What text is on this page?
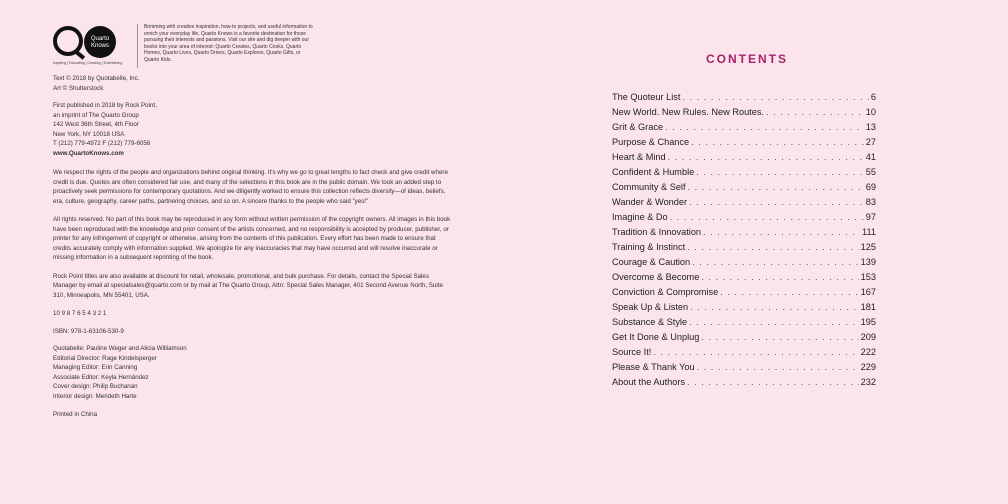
Quarto
Knows
Inspiring | Educating | Creating | Entertaining
Brimming with creative inspiration, how-to projects, and useful information to enrich your everyday life, Quarto Knows is a favorite destination for those pursuing their interests and passions. Visit our site and dig deeper with our books into your area of interest: Quarto Creates, Quarto Cooks, Quarto Homes, Quarto Lives, Quarto Drives, Quarto Explores, Quarto Gifts, or Quarto Kids.
Text © 2018 by Quotabelle, Inc.
Art © Shutterstock
First published in 2018 by Rock Point,
an imprint of The Quarto Group
142 West 36th Street, 4th Floor
New York, NY 10018 USA
T (212) 779-4972 F (212) 779-6058
www.QuartoKnows.com
We respect the rights of the people and organizations behind original thinking. It's why we go to great lengths to fact check and give credit where credit is due. Quotes are often considered fair use, and many of the selections in this book are in the public domain. We took an added step to proactively seek permissions for contemporary quotations. And we diligently worked to ensure this collection reflects diversity—of ideas, beliefs, era, culture, geography, career paths, partnering choices, and so on. A sincere thanks to the people who said "yes!"
All rights reserved. No part of this book may be reproduced in any form without written permission of the copyright owners. All images in this book have been reproduced with the knowledge and prior consent of the artists concerned, and no responsibility is accepted by producer, publisher, or printer for any infringement of copyright or otherwise, arising from the contents of this publication. Every effort has been made to ensure that credits accurately comply with information supplied. We apologize for any inaccuracies that may have occurred and will resolve inaccurate or missing information in a subsequent reprinting of the book.
Rock Point titles are also available at discount for retail, wholesale, promotional, and bulk purchase. For details, contact the Special Sales Manager by email at specialsales@quarto.com or by mail at The Quarto Group, Attn: Special Sales Manager, 401 Second Avenue North, Suite 310, Minneapolis, MN 55401, USA.
10 9 8 7 6 5 4 3 2 1
ISBN: 978-1-63106-530-9
Quotabelle: Pauline Weger and Alicia Williamson
Editorial Director: Rage Kindelsperger
Managing Editor: Erin Canning
Associate Editor: Keyla Hernández
Cover design: Philip Buchanan
Interior design: Merideth Harte
Printed in China
CONTENTS
The Quoteur List . . .	6
New World. New Rules. New Routes. . . .	10
Grit & Grace . . .	13
Purpose & Chance . . .	27
Heart & Mind . . .	41
Confident & Humble . . .	55
Community & Self . . .	69
Wander & Wonder . . .	83
Imagine & Do . . .	97
Tradition & Innovation . . .	111
Training & Instinct . . .	125
Courage & Caution . . .	139
Overcome & Become . . .	153
Conviction & Compromise . . .	167
Speak Up & Listen . . .	181
Substance & Style . . .	195
Get It Done & Unplug . . .	209
Source It! . . .	222
Please & Thank You . . .	229
About the Authors . . .	232
